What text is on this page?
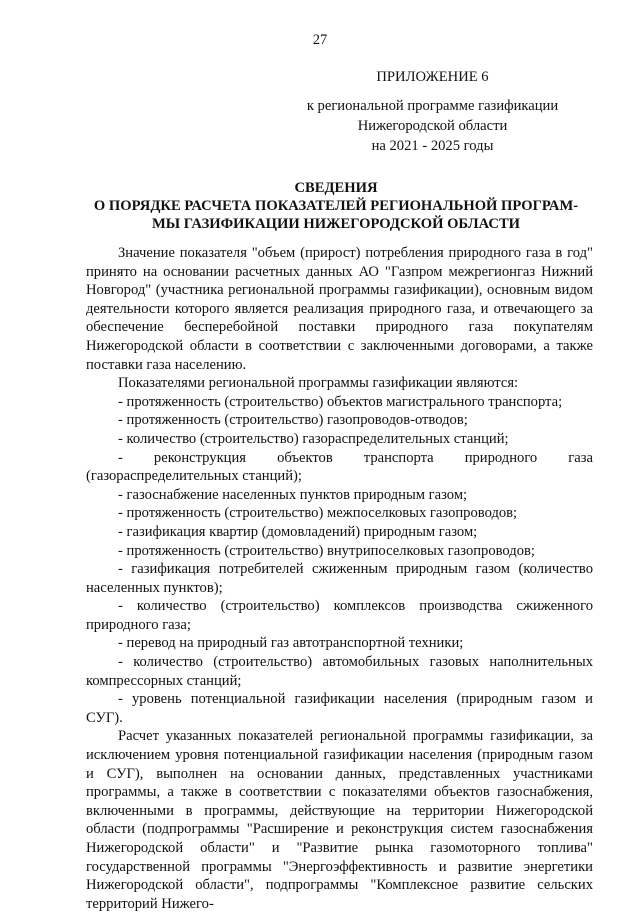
27
ПРИЛОЖЕНИЕ 6
к региональной программе газификации
Нижегородской области
на 2021 - 2025 годы
СВЕДЕНИЯ
О ПОРЯДКЕ РАСЧЕТА ПОКАЗАТЕЛЕЙ РЕГИОНАЛЬНОЙ ПРОГРАМ-
МЫ ГАЗИФИКАЦИИ НИЖЕГОРОДСКОЙ ОБЛАСТИ

Значение показателя "объем (прирост) потребления природного газа в год" принято на основании расчетных данных АО "Газпром межрегионгаз Нижний Новгород" (участника региональной программы газификации), основным видом деятельности которого является реализация природного газа, и отвечающего за обеспечение бесперебойной поставки природного газа покупателям Нижегородской области в соответствии с заключенными договорами, а также поставки газа населению.

Показателями региональной программы газификации являются:

- протяженность (строительство) объектов магистрального транспорта;

- протяженность (строительство) газопроводов-отводов;

- количество (строительство) газораспределительных станций;

- реконструкция объектов транспорта природного газа (газораспределительных станций);

- газоснабжение населенных пунктов природным газом;

- протяженность (строительство) межпоселковых газопроводов;

- газификация квартир (домовладений) природным газом;

- протяженность (строительство) внутрипоселковых газопроводов;

- газификация потребителей сжиженным природным газом (количество населенных пунктов);

- количество (строительство) комплексов производства сжиженного природного газа;

- перевод на природный газ автотранспортной техники;

- количество (строительство) автомобильных газовых наполнительных компрессорных станций;

- уровень потенциальной газификации населения (природным газом и СУГ).

Расчет указанных показателей региональной программы газификации, за исключением уровня потенциальной газификации населения (природным газом и СУГ), выполнен на основании данных, представленных участниками программы, а также в соответствии с показателями объектов газоснабжения, включенными в программы, действующие на территории Нижегородской области (подпрограммы "Расширение и реконструкция систем газоснабжения Нижегородской области" и "Развитие рынка газомоторного топлива" государственной программы "Энергоэффективность и развитие энергетики Нижегородской области", подпрограммы "Комплексное развитие сельских территорий Нижего-
